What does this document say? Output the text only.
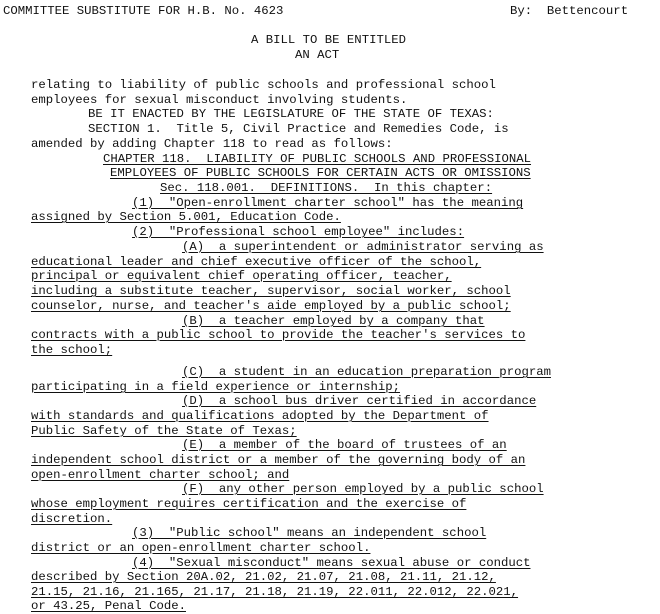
COMMITTEE SUBSTITUTE FOR H.B. No. 4623	By:  Bettencourt
A BILL TO BE ENTITLED
AN ACT
relating to liability of public schools and professional school
employees for sexual misconduct involving students.
BE IT ENACTED BY THE LEGISLATURE OF THE STATE OF TEXAS:
SECTION 1.  Title 5, Civil Practice and Remedies Code, is
amended by adding Chapter 118 to read as follows:
CHAPTER 118.  LIABILITY OF PUBLIC SCHOOLS AND PROFESSIONAL
EMPLOYEES OF PUBLIC SCHOOLS FOR CERTAIN ACTS OR OMISSIONS
Sec. 118.001.  DEFINITIONS.  In this chapter:
(1)  "Open-enrollment charter school" has the meaning
assigned by Section 5.001, Education Code.
(2)  "Professional school employee" includes:
(A)  a superintendent or administrator serving as
educational leader and chief executive officer of the school,
principal or equivalent chief operating officer, teacher,
including a substitute teacher, supervisor, social worker, school
counselor, nurse, and teacher's aide employed by a public school;
(B)  a teacher employed by a company that
contracts with a public school to provide the teacher's services to
the school;
(C)  a student in an education preparation program
participating in a field experience or internship;
(D)  a school bus driver certified in accordance
with standards and qualifications adopted by the Department of
Public Safety of the State of Texas;
(E)  a member of the board of trustees of an
independent school district or a member of the governing body of an
open-enrollment charter school; and
(F)  any other person employed by a public school
whose employment requires certification and the exercise of
discretion.
(3)  "Public school" means an independent school
district or an open-enrollment charter school.
(4)  "Sexual misconduct" means sexual abuse or conduct
described by Section 20A.02, 21.02, 21.07, 21.08, 21.11, 21.12,
21.15, 21.16, 21.165, 21.17, 21.18, 21.19, 22.011, 22.012, 22.021,
or 43.25, Penal Code.
